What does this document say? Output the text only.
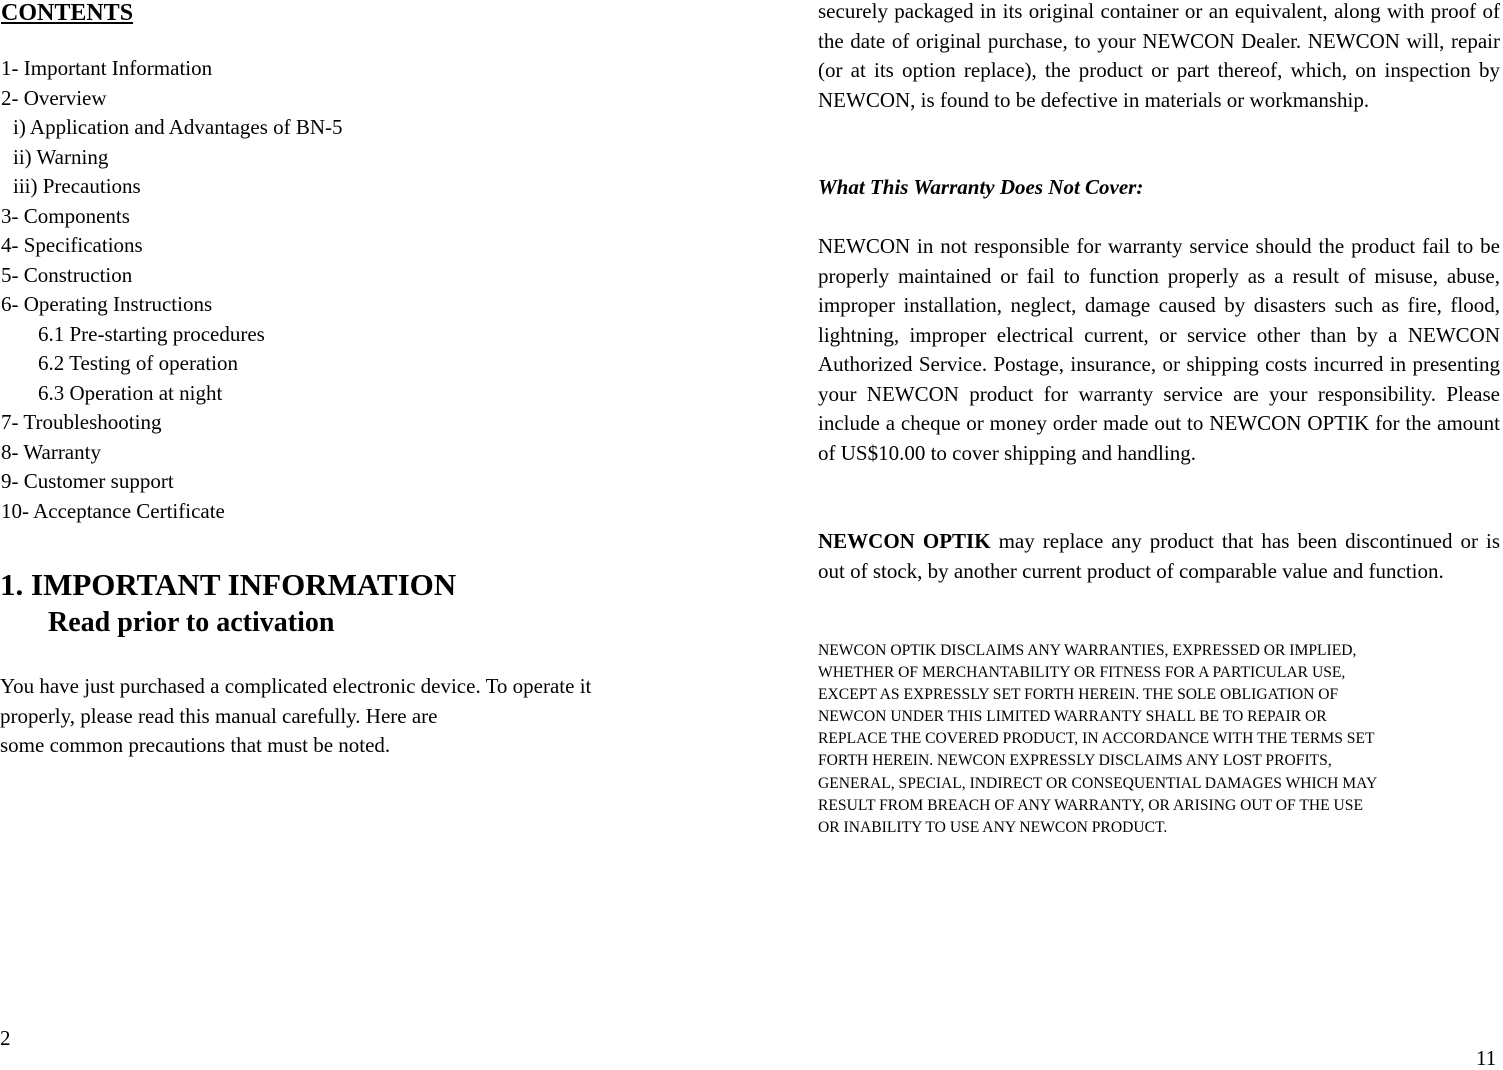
CONTENTS
1- Important Information
2- Overview
i) Application and Advantages of BN-5
ii) Warning
iii) Precautions
3- Components
4- Specifications
5- Construction
6- Operating Instructions
6.1 Pre-starting procedures
6.2 Testing of operation
6.3 Operation at night
7- Troubleshooting
8- Warranty
9- Customer support
10- Acceptance Certificate
1. IMPORTANT INFORMATION
Read prior to activation

You have just purchased a complicated electronic device. To operate it
properly, please read this manual carefully. Here are
some common precautions that must be noted.

2

securely packaged in its original container or an equivalent, along with proof of the date of original purchase, to your NEWCON Dealer. NEWCON will, repair (or at its option replace), the product or part thereof, which, on inspection by NEWCON, is found to be defective in materials or workmanship.

What This Warranty Does Not Cover:

NEWCON in not responsible for warranty service should the product fail to be properly maintained or fail to function properly as a result of misuse, abuse, improper installation, neglect, damage caused by disasters such as fire, flood, lightning, improper electrical current, or service other than by a NEWCON Authorized Service. Postage, insurance, or shipping costs incurred in presenting your NEWCON product for warranty service are your responsibility. Please include a cheque or money order made out to NEWCON OPTIK for the amount of US$10.00 to cover shipping and handling.

NEWCON OPTIK may replace any product that has been discontinued or is out of stock, by another current product of comparable value and function.

NEWCON OPTIK DISCLAIMS ANY WARRANTIES, EXPRESSED OR IMPLIED,
WHETHER OF MERCHANTABILITY OR FITNESS FOR A PARTICULAR USE,
EXCEPT AS EXPRESSLY SET FORTH HEREIN. THE SOLE OBLIGATION OF
NEWCON UNDER THIS LIMITED WARRANTY SHALL BE TO REPAIR OR
REPLACE THE COVERED PRODUCT, IN ACCORDANCE WITH THE TERMS SET
FORTH HEREIN. NEWCON EXPRESSLY DISCLAIMS ANY LOST PROFITS,
GENERAL, SPECIAL, INDIRECT OR CONSEQUENTIAL DAMAGES WHICH MAY
RESULT FROM BREACH OF ANY WARRANTY, OR ARISING OUT OF THE USE
OR INABILITY TO USE ANY NEWCON PRODUCT.
11
